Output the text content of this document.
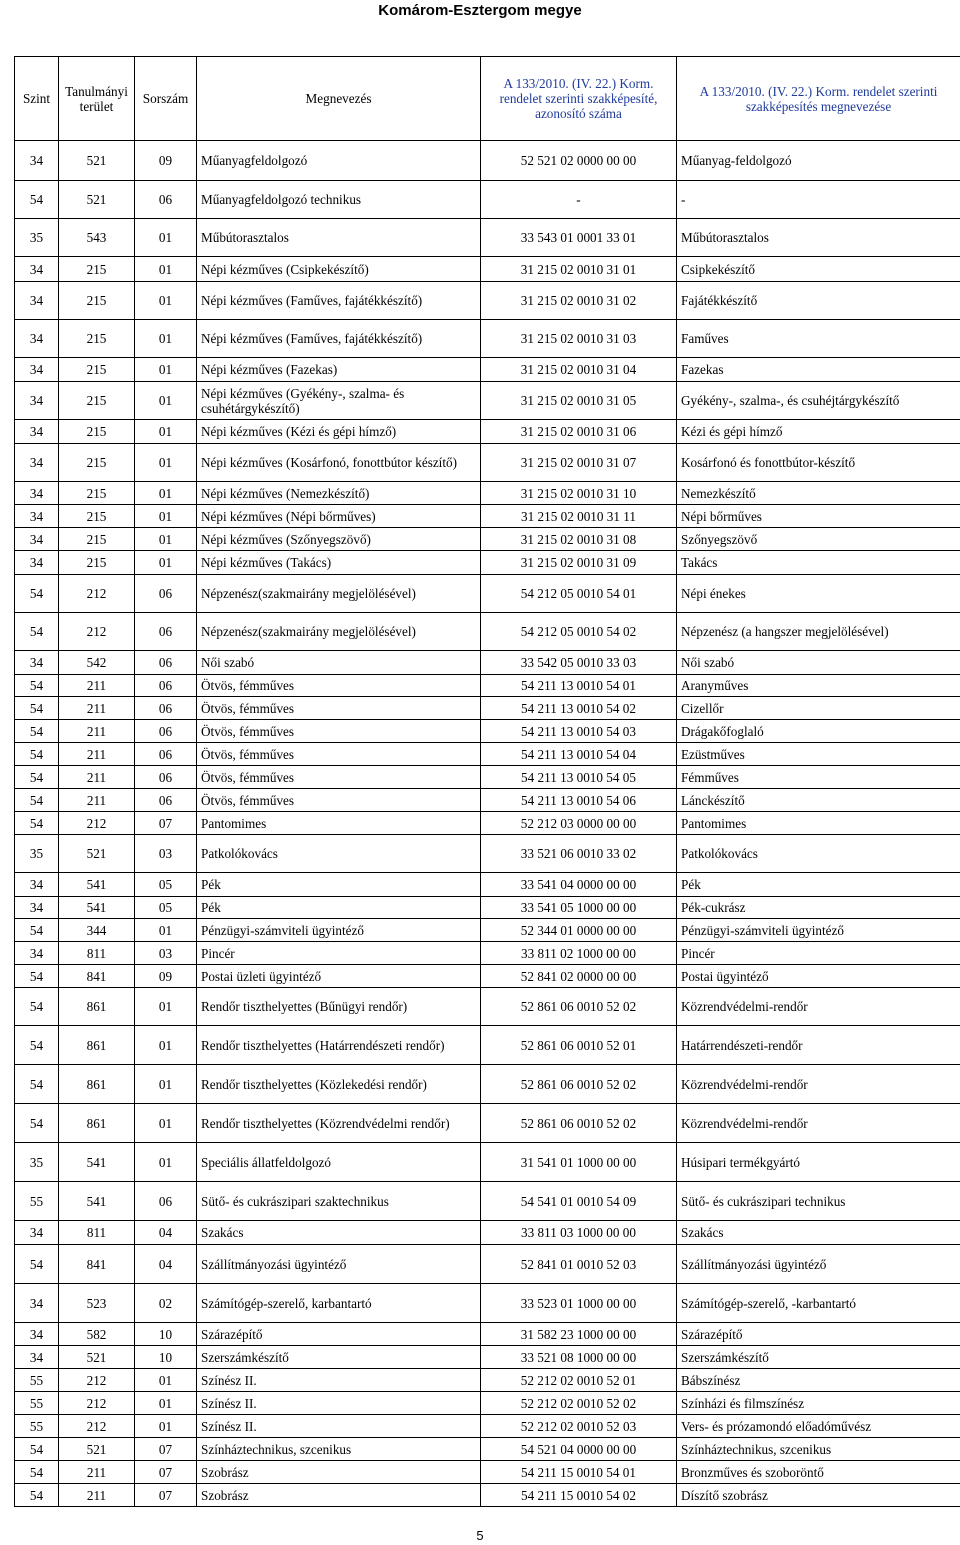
Komárom-Esztergom megye
Szint	Tanulmányi terület	Sorszám	Megnevezés	A 133/2010. (IV. 22.) Korm. rendelet szerinti szakképesíté, azonosító száma	A 133/2010. (IV. 22.) Korm. rendelet szerinti szakképesítés megnevezése
34	521	09	Műanyagfeldolgozó	52 521 02 0000 00 00	Műanyag-feldolgozó
54	521	06	Műanyagfeldolgozó technikus	-	-
35	543	01	Műbútorasztalos	33 543 01 0001 33 01	Műbútorasztalos
34	215	01	Népi kézműves (Csipkekészítő)	31 215 02 0010 31 01	Csipkekészítő
34	215	01	Népi kézműves (Faműves, fajátékkészítő)	31 215 02 0010 31 02	Fajátékkészítő
34	215	01	Népi kézműves (Faműves, fajátékkészítő)	31 215 02 0010 31 03	Faműves
34	215	01	Népi kézműves (Fazekas)	31 215 02 0010 31 04	Fazekas
34	215	01	Népi kézműves (Gyékény-, szalma- és csuhétárgykészítő)	31 215 02 0010 31 05	Gyékény-, szalma-, és csuhéjtárgykészítő
34	215	01	Népi kézműves (Kézi és gépi hímző)	31 215 02 0010 31 06	Kézi és gépi hímző
34	215	01	Népi kézműves (Kosárfonó, fonottbútor készítő)	31 215 02 0010 31 07	Kosárfonó és fonottbútor-készítő
34	215	01	Népi kézműves (Nemezkészítő)	31 215 02 0010 31 10	Nemezkészítő
34	215	01	Népi kézműves (Népi bőrműves)	31 215 02 0010 31 11	Népi bőrműves
34	215	01	Népi kézműves (Szőnyegszövő)	31 215 02 0010 31 08	Szőnyegszövő
34	215	01	Népi kézműves (Takács)	31 215 02 0010 31 09	Takács
54	212	06	Népzenész(szakmairány megjelölésével)	54 212 05 0010 54 01	Népi énekes
54	212	06	Népzenész(szakmairány megjelölésével)	54 212 05 0010 54 02	Népzenész (a hangszer megjelölésével)
34	542	06	Női szabó	33 542 05 0010 33 03	Női szabó
54	211	06	Ötvös, fémműves	54 211 13 0010 54 01	Aranyműves
54	211	06	Ötvös, fémműves	54 211 13 0010 54 02	Cizellőr
54	211	06	Ötvös, fémműves	54 211 13 0010 54 03	Drágakőfoglaló
54	211	06	Ötvös, fémműves	54 211 13 0010 54 04	Ezüstműves
54	211	06	Ötvös, fémműves	54 211 13 0010 54 05	Fémműves
54	211	06	Ötvös, fémműves	54 211 13 0010 54 06	Lánckészítő
54	212	07	Pantomimes	52 212 03 0000 00 00	Pantomimes
35	521	03	Patkolókovács	33 521 06 0010 33 02	Patkolókovács
34	541	05	Pék	33 541 04 0000 00 00	Pék
34	541	05	Pék	33 541 05 1000 00 00	Pék-cukrász
54	344	01	Pénzügyi-számviteli ügyintéző	52 344 01 0000 00 00	Pénzügyi-számviteli ügyintéző
34	811	03	Pincér	33 811 02 1000 00 00	Pincér
54	841	09	Postai üzleti ügyintéző	52 841 02 0000 00 00	Postai ügyintéző
54	861	01	Rendőr tiszthelyettes (Bűnügyi rendőr)	52 861 06 0010 52 02	Közrendvédelmi-rendőr
54	861	01	Rendőr tiszthelyettes (Határrendészeti rendőr)	52 861 06 0010 52 01	Határrendészeti-rendőr
54	861	01	Rendőr tiszthelyettes (Közlekedési rendőr)	52 861 06 0010 52 02	Közrendvédelmi-rendőr
54	861	01	Rendőr tiszthelyettes (Közrendvédelmi rendőr)	52 861 06 0010 52 02	Közrendvédelmi-rendőr
35	541	01	Speciális állatfeldolgozó	31 541 01 1000 00 00	Húsipari termékgyártó
55	541	06	Sütő- és cukrászipari szaktechnikus	54 541 01 0010 54 09	Sütő- és cukrászipari technikus
34	811	04	Szakács	33 811 03 1000 00 00	Szakács
54	841	04	Szállítmányozási ügyintéző	52 841 01 0010 52 03	Szállítmányozási ügyintéző
34	523	02	Számítógép-szerelő, karbantartó	33 523 01 1000 00 00	Számítógép-szerelő, -karbantartó
34	582	10	Szárazépítő	31 582 23 1000 00 00	Szárazépítő
34	521	10	Szerszámkészítő	33 521 08 1000 00 00	Szerszámkészítő
55	212	01	Színész II.	52 212 02 0010 52 01	Bábszínész
55	212	01	Színész II.	52 212 02 0010 52 02	Színházi és filmszínész
55	212	01	Színész II.	52 212 02 0010 52 03	Vers- és prózamondó előadóművész
54	521	07	Színháztechnikus, szcenikus	54 521 04 0000 00 00	Színháztechnikus, szcenikus
54	211	07	Szobrász	54 211 15 0010 54 01	Bronzműves és szoboröntő
54	211	07	Szobrász	54 211 15 0010 54 02	Díszítő szobrász
5
